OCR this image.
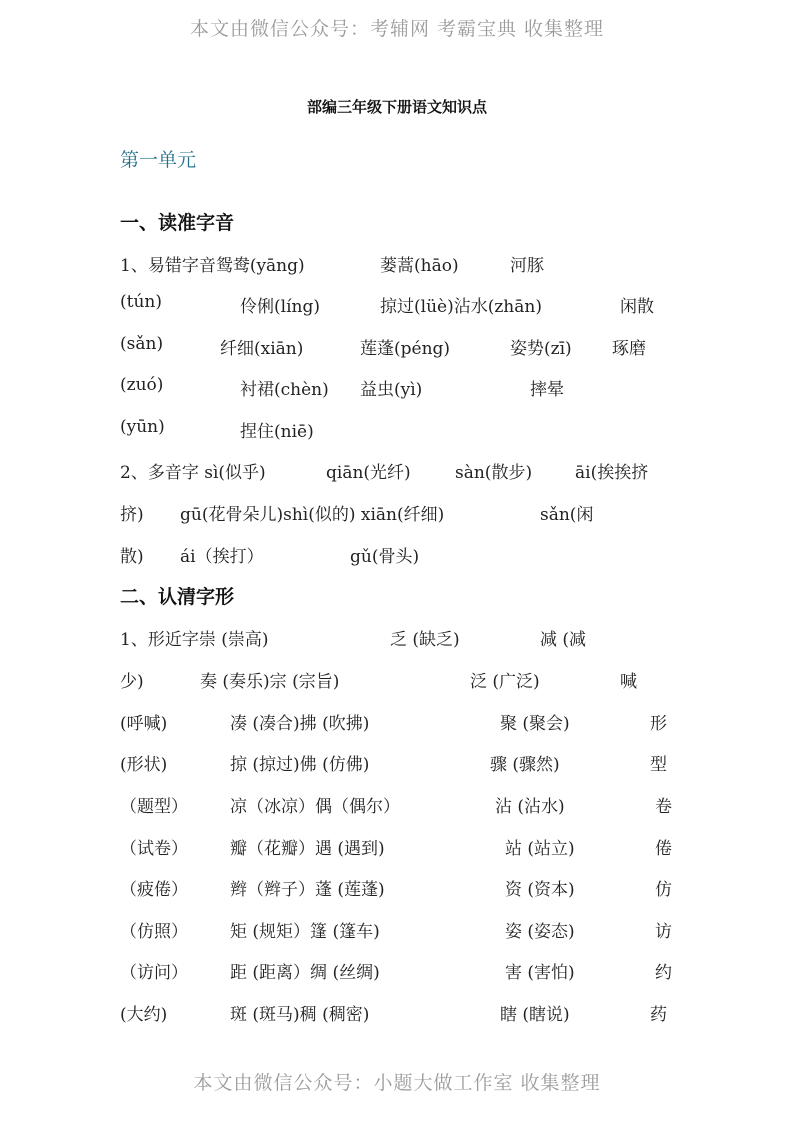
本文由微信公众号：考辅网 考霸宝典 收集整理
部编三年级下册语文知识点
第一单元
一、读准字音
1、易错字音鸳鸯(yāng)	蒌蒿(hāo)	河豚
(tún)	伶俐(líng)	掠过(lüè)沾水(zhān)	闲散
(sǎn)	纤细(xiān)	莲蓬(péng)	姿势(zī) 琢磨
(zuó)	衬裙(chèn) 益虫(yì)	摔晕
(yūn)	捏住(niē)
2、多音字 sì(似乎)	qiān(光纤)	sàn(散步)	āi(挨挨挤
挤) gū(花骨朵儿)shì(似的) xiān(纤细)	sǎn(闲
散) ái（挨打）	gǔ(骨头)
二、认清字形
1、形近字崇 (崇高)	乏 (缺乏)	减 (减
少)	奏 (奏乐)宗 (宗旨)	泛 (广泛)	喊
(呼喊)	凑 (凑合)拂 (吹拂)	聚 (聚会)	形
(形状)	掠 (掠过)佛 (仿佛)	骤 (骤然)	型
（题型） 凉（冰凉）偶（偶尔）	沾 (沾水)	卷
（试卷） 瓣（花瓣）遇 (遇到)	站 (站立)	倦
（疲倦） 辫（辫子）蓬 (莲蓬)	资 (资本)	仿
（仿照） 矩 (规矩）篷 (篷车)	姿 (姿态)	访
（访问） 距 (距离）绸 (丝绸)	害 (害怕)	约
(大约)	斑 (斑马)稠 (稠密)	瞎 (瞎说)	药
本文由微信公众号：小题大做工作室 收集整理
